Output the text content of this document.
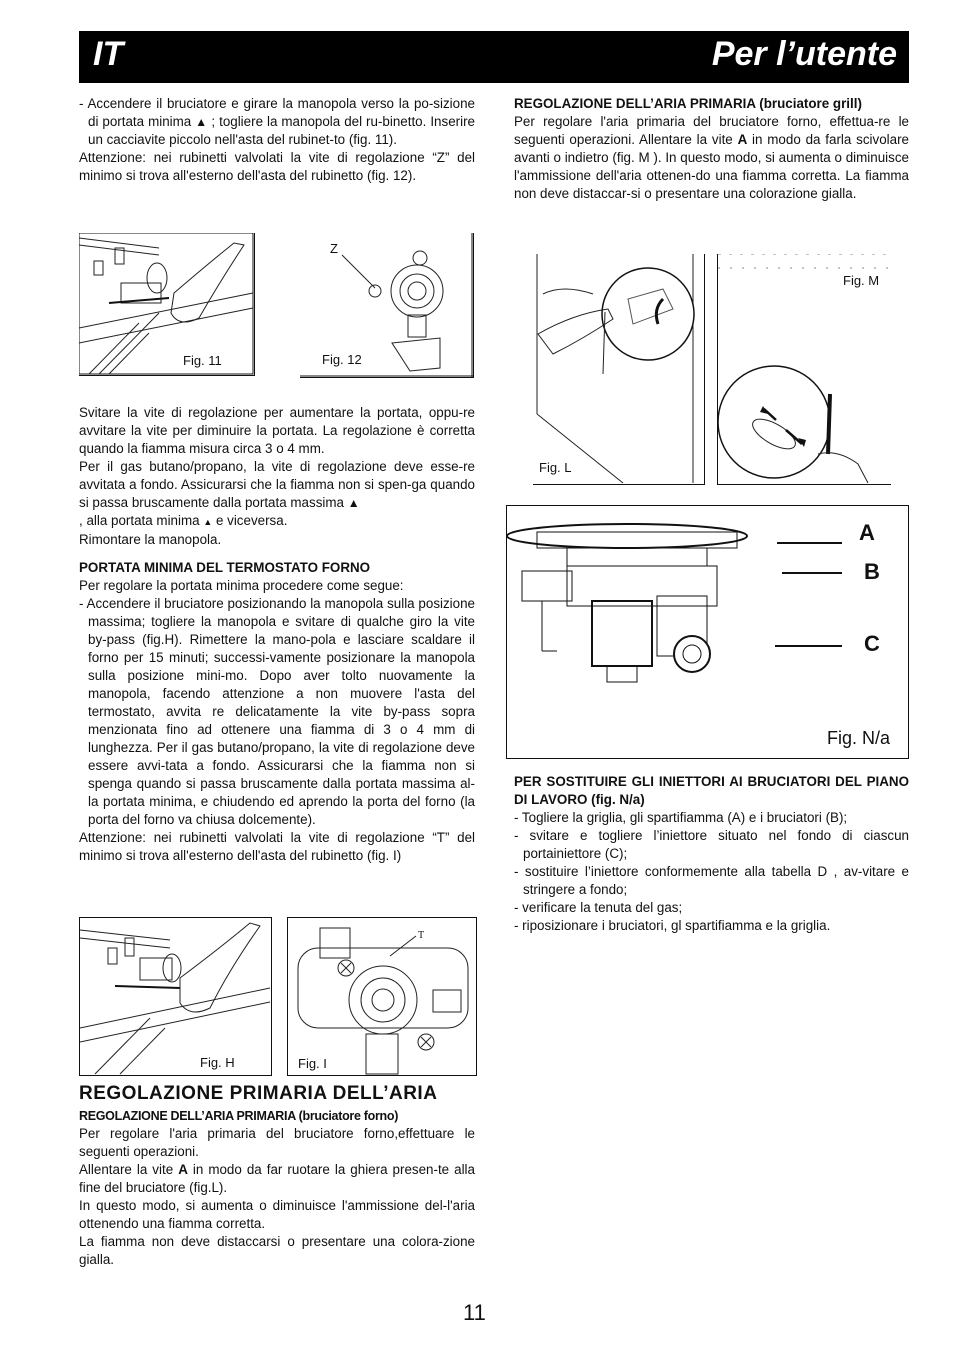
IT	Per l’utente

- Accendere il bruciatore e girare la manopola verso la po-sizione di portata minima ▲ ; togliere la manopola del ru-binetto. Inserire un cacciavite piccolo nell'asta del rubinet-to (fig. 11).

Attenzione: nei rubinetti valvolati la vite di regolazione “Z” del minimo si trova all'esterno dell'asta del rubinetto (fig. 12).

Fig. 11
Z
Fig. 12

Svitare la vite di regolazione per aumentare la portata, oppu-re avvitare la vite per diminuire la portata. La regolazione è corretta quando la fiamma misura circa 3 o 4 mm.

Per il gas butano/propano, la vite di regolazione deve esse-re avvitata a fondo. Assicurarsi che la fiamma non si spen-ga quando si passa bruscamente dalla portata massima ▲
, alla portata minima ▲ e viceversa.

Rimontare la manopola.

PORTATA MINIMA DEL TERMOSTATO FORNO

Per regolare la portata minima procedere come segue:

- Accendere il bruciatore posizionando la manopola sulla posizione massima; togliere la manopola e svitare di qualche giro la vite by-pass (fig.H). Rimettere la mano-pola e lasciare scaldare il forno per 15 minuti; successi-vamente posizionare la manopola sulla posizione mini-mo. Dopo aver tolto nuovamente la manopola, facendo attenzione a non muovere l'asta del termostato, avvita re delicatamente la vite by-pass sopra menzionata fino ad ottenere una fiamma di 3 o 4 mm di lunghezza. Per il gas butano/propano, la vite di regolazione deve essere avvi-tata a fondo. Assicurarsi che la fiamma non si spenga quando si passa bruscamente dalla portata massima al-la portata minima, e chiudendo ed aprendo la porta del forno (la porta del forno va chiusa dolcemente).

Attenzione: nei rubinetti valvolati la vite di regolazione “T” del minimo si trova all'esterno dell'asta del rubinetto (fig. I)

Fig. H
T
Fig. I

REGOLAZIONE PRIMARIA DELL’ARIA

REGOLAZIONE DELL’ARIA PRIMARIA (bruciatore forno)

Per regolare l'aria primaria del bruciatore forno,effettuare le seguenti operazioni.

Allentare la vite A in modo da far ruotare la ghiera presen-te alla fine del bruciatore (fig.L).

In questo modo, si aumenta o diminuisce l'ammissione del-l'aria ottenendo una fiamma corretta.

La fiamma non deve distaccarsi o presentare una colora-zione gialla.

REGOLAZIONE DELL’ARIA PRIMARIA (bruciatore grill)

Per regolare l'aria primaria del bruciatore forno, effettua-re le seguenti operazioni. Allentare la vite A in modo da farla scivolare avanti o indietro (fig. M ). In questo modo, si aumenta o diminuisce l'ammissione dell'aria ottenen-do una fiamma corretta. La fiamma non deve distaccar-si o presentare una colorazione gialla.

Fig. L
Fig. M
A
B
C
Fig. N/a

PER SOSTITUIRE GLI INIETTORI AI BRUCIATORI DEL PIANO DI LAVORO (fig. N/a)

- Togliere la griglia, gli spartifiamma (A) e i bruciatori (B);

- svitare e togliere l’iniettore situato nel fondo di ciascun portainiettore (C);

- sostituire l’iniettore conformemente alla tabella D , av-vitare e stringere a fondo;

- verificare la tenuta del gas;

- riposizionare i bruciatori, gl spartifiamma e la griglia.

11
